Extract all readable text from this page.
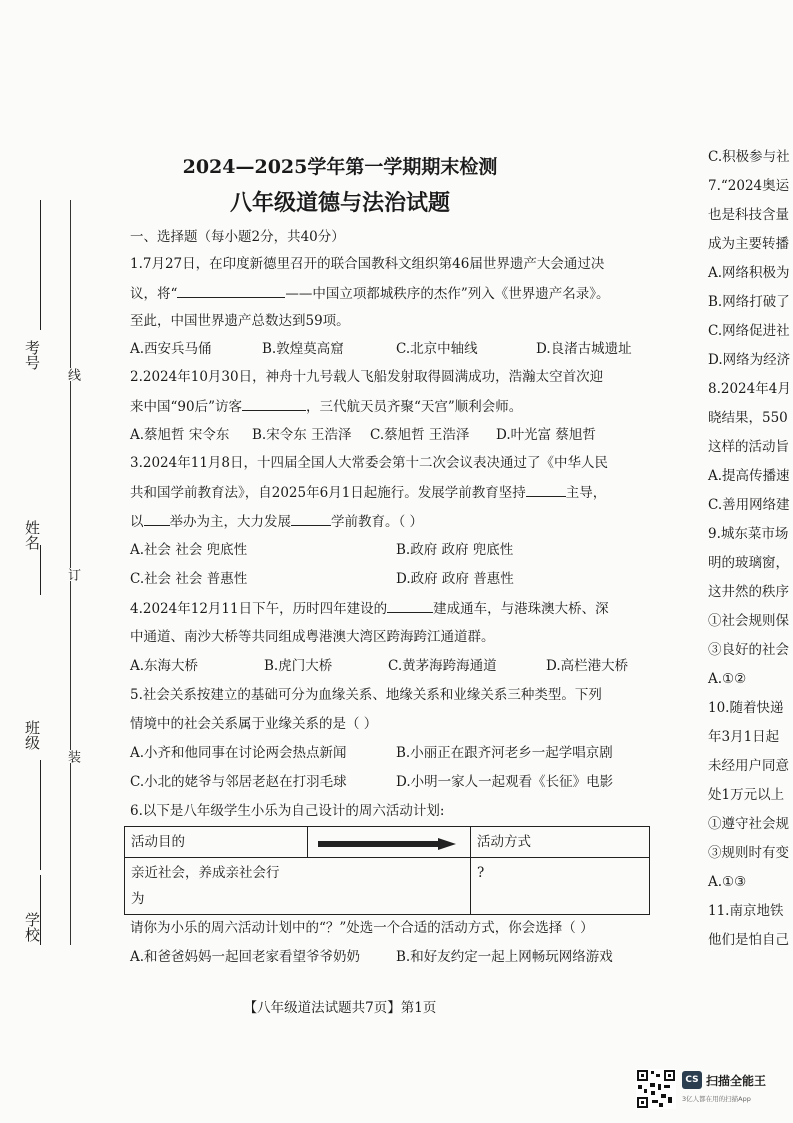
考号
线
姓名
订
班级
装
学校
2024—2025学年第一学期期末检测
八年级道德与法治试题
一、选择题（每小题2分，共40分）
1.7月27日，在印度新德里召开的联合国教科文组织第46届世界遗产大会通过决
议，将“	——中国立项都城秩序的杰作”列入《世界遗产名录》。
至此，中国世界遗产总数达到59项。
A.西安兵马俑	B.敦煌莫高窟	C.北京中轴线	D.良渚古城遗址
2.2024年10月30日，神舟十九号载人飞船发射取得圆满成功，浩瀚太空首次迎
来中国“90后”访客	，三代航天员齐聚“天宫”顺利会师。
A.蔡旭哲 宋令东 B.宋令东 王浩泽 C.蔡旭哲 王浩泽 D.叶光富 蔡旭哲
3.2024年11月8日，十四届全国人大常委会第十二次会议表决通过了《中华人民
共和国学前教育法》，自2025年6月1日起施行。发展学前教育坚持	主导，
以 举办为主，大力发展	学前教育。（ ）
A.社会 社会 兜底性	B.政府 政府 兜底性
C.社会 社会 普惠性	D.政府 政府 普惠性
4.2024年12月11日下午，历时四年建设的	建成通车，与港珠澳大桥、深
中通道、南沙大桥等共同组成粤港澳大湾区跨海跨江通道群。
A.东海大桥	B.虎门大桥	C.黄茅海跨海通道	D.高栏港大桥
5.社会关系按建立的基础可分为血缘关系、地缘关系和业缘关系三种类型。下列
情境中的社会关系属于业缘关系的是（ ）
A.小齐和他同事在讨论两会热点新闻	B.小丽正在跟齐河老乡一起学唱京剧
C.小北的姥爷与邻居老赵在打羽毛球	D.小明一家人一起观看《长征》电影
6.以下是八年级学生小乐为自己设计的周六活动计划:
活动目的		活动方式
亲近社会，养成亲社会行
为		?
请你为小乐的周六活动计划中的“？”处选一个合适的活动方式，你会选择（ ）
A.和爸爸妈妈一起回老家看望爷爷奶奶	B.和好友约定一起上网畅玩网络游戏
【八年级道法试题共7页】第1页
C.积极参与社
7.“2024奥运
也是科技含量
成为主要转播
A.网络积极为
B.网络打破了
C.网络促进社
D.网络为经济
8.2024年4月
晓结果，550
这样的活动旨
A.提高传播速
C.善用网络建
9.城东菜市场
明的玻璃窗，
这井然的秩序
①社会规则保
③良好的社会
A.①②
10.随着快递
年3月1日起
未经用户同意
处1万元以上
①遵守社会规
③规则时有变
A.①③
11.南京地铁
他们是怕自己
CS 扫描全能王
3亿人都在用的扫描App
